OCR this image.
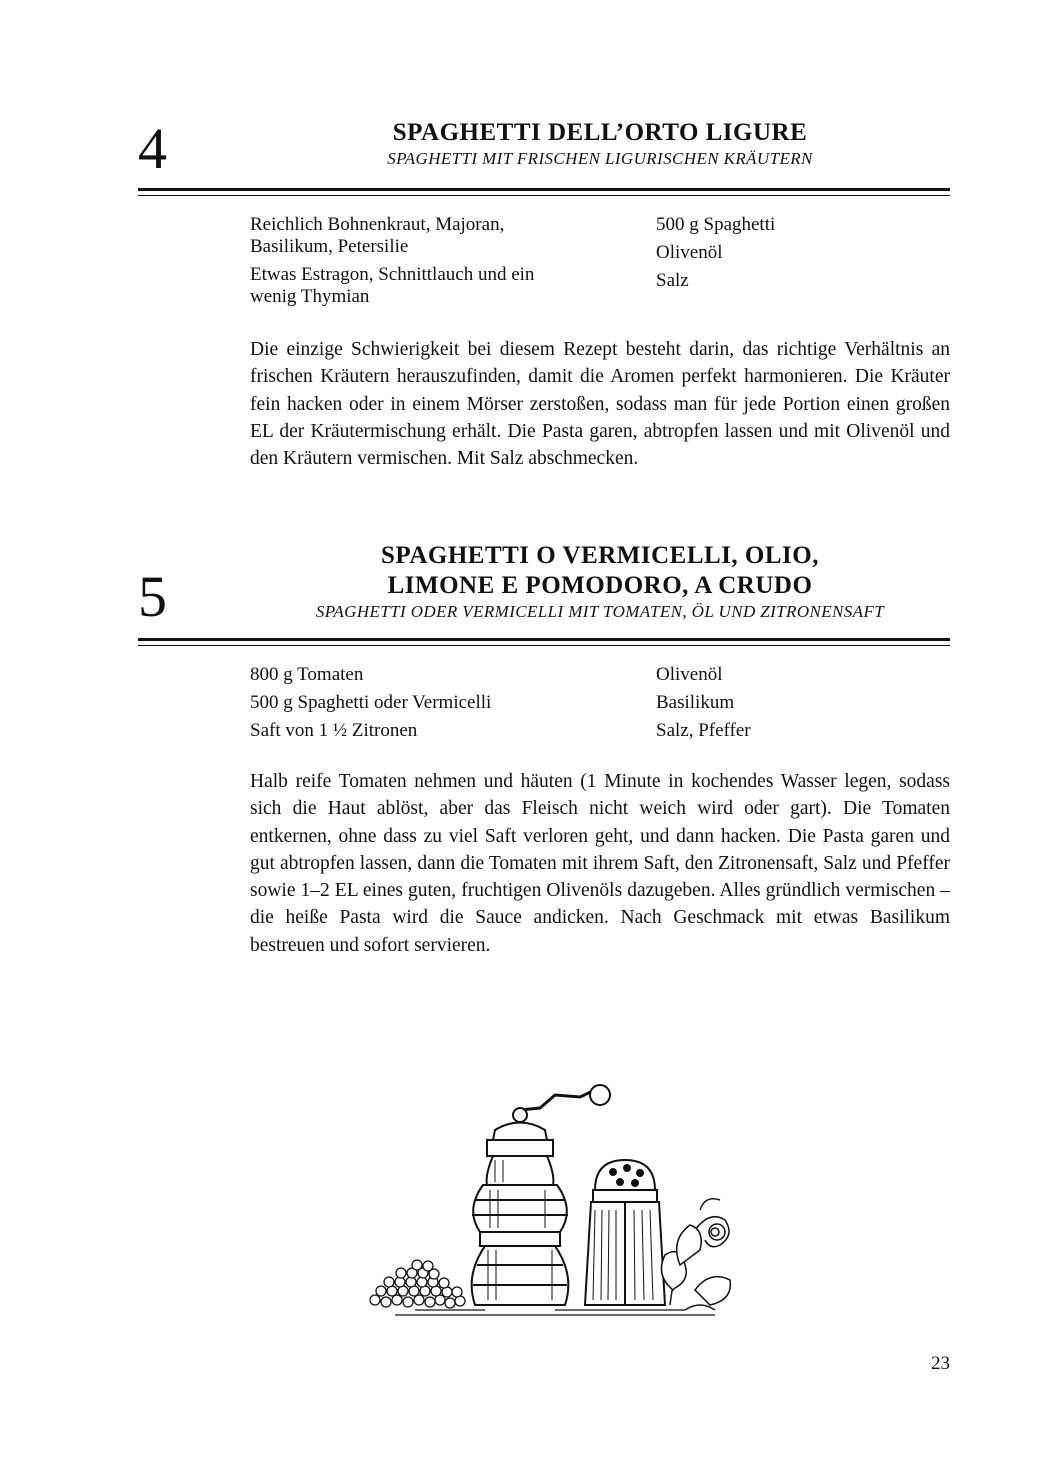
4	SPAGHETTI DELL’ORTO LIGURE
SPAGHETTI MIT FRISCHEN LIGURISCHEN KRÄUTERN
Reichlich Bohnenkraut, Majoran, Basilikum, Petersilie
Etwas Estragon, Schnittlauch und ein wenig Thymian
500 g Spaghetti
Olivenöl
Salz
Die einzige Schwierigkeit bei diesem Rezept besteht darin, das richtige Verhältnis an frischen Kräutern herauszufinden, damit die Aromen perfekt harmonieren. Die Kräuter fein hacken oder in einem Mörser zerstoßen, sodass man für jede Portion einen großen EL der Kräutermischung erhält. Die Pasta garen, abtropfen lassen und mit Olivenöl und den Kräutern vermischen. Mit Salz abschmecken.
5
SPAGHETTI O VERMICELLI, OLIO,
LIMONE E POMODORO, A CRUDO
SPAGHETTI ODER VERMICELLI MIT TOMATEN, ÖL UND ZITRONENSAFT
800 g Tomaten
500 g Spaghetti oder Vermicelli
Saft von 1 ½ Zitronen
Olivenöl
Basilikum
Salz, Pfeffer
Halb reife Tomaten nehmen und häuten (1 Minute in kochendes Wasser legen, sodass sich die Haut ablöst, aber das Fleisch nicht weich wird oder gart). Die Tomaten entkernen, ohne dass zu viel Saft verloren geht, und dann hacken. Die Pasta garen und gut abtropfen lassen, dann die Tomaten mit ihrem Saft, den Zitronensaft, Salz und Pfeffer sowie 1–2 EL eines guten, fruchtigen Olivenöls dazugeben. Alles gründlich vermischen – die heiße Pasta wird die Sauce andicken. Nach Geschmack mit etwas Basilikum bestreuen und sofort servieren.
23
